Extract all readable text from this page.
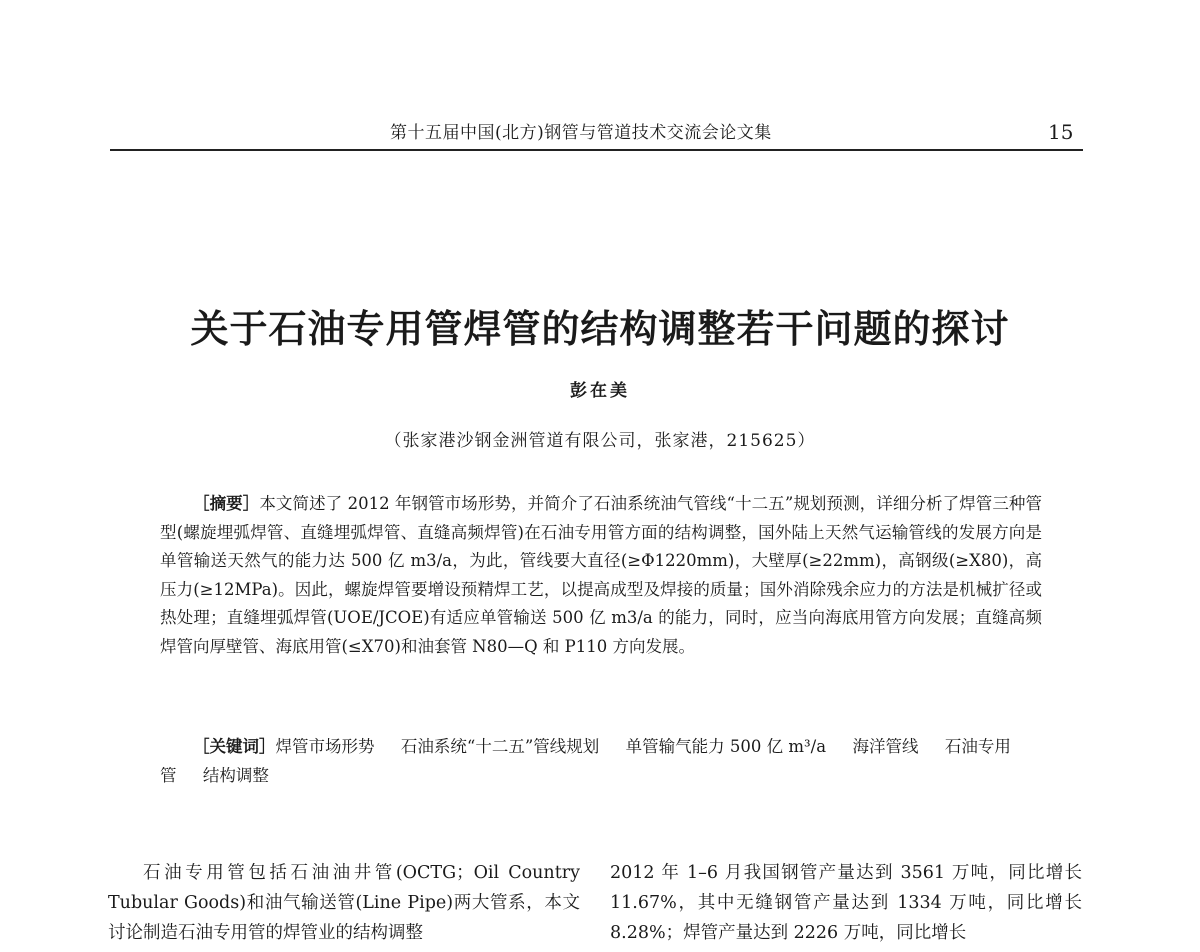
第十五届中国(北方)钢管与管道技术交流会论文集	15
关于石油专用管焊管的结构调整若干问题的探讨
彭在美
（张家港沙钢金洲管道有限公司，张家港，215625）
［摘要］本文简述了 2012 年钢管市场形势，并简介了石油系统油气管线“十二五”规划预测，详细分析了焊管三种管型(螺旋埋弧焊管、直缝埋弧焊管、直缝高频焊管)在石油专用管方面的结构调整，国外陆上天然气运输管线的发展方向是单管输送天然气的能力达 500 亿 m3/a，为此，管线要大直径(≥Φ1220mm)，大壁厚(≥22mm)，高钢级(≥X80)，高压力(≥12MPa)。因此，螺旋焊管要增设预精焊工艺，以提高成型及焊接的质量；国外消除残余应力的方法是机械扩径或热处理；直缝埋弧焊管(UOE/JCOE)有适应单管输送 500 亿 m3/a 的能力，同时，应当向海底用管方向发展；直缝高频焊管向厚壁管、海底用管(≤X70)和油套管 N80—Q 和 P110 方向发展。
［关键词］焊管市场形势 石油系统“十二五”管线规划 单管输气能力 500 亿 m³/a 海洋管线 石油专用管 结构调整
石油专用管包括石油油井管(OCTG；Oil Country Tubular Goods)和油气输送管(Line Pipe)两大管系，本文讨论制造石油专用管的焊管业的结构调整
2012 年 1–6 月我国钢管产量达到 3561 万吨，同比增长 11.67%，其中无缝钢管产量达到 1334 万吨，同比增长 8.28%；焊管产量达到 2226 万吨，同比增长
